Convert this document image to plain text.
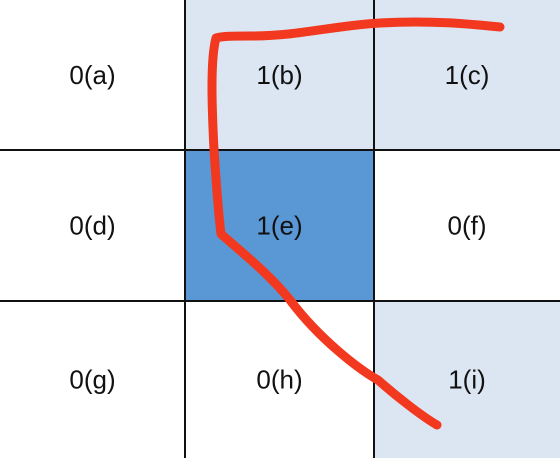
0(a)	1(b)	1(c)
0(d)	1(e)	0(f)
0(g)	0(h)	1(i)
